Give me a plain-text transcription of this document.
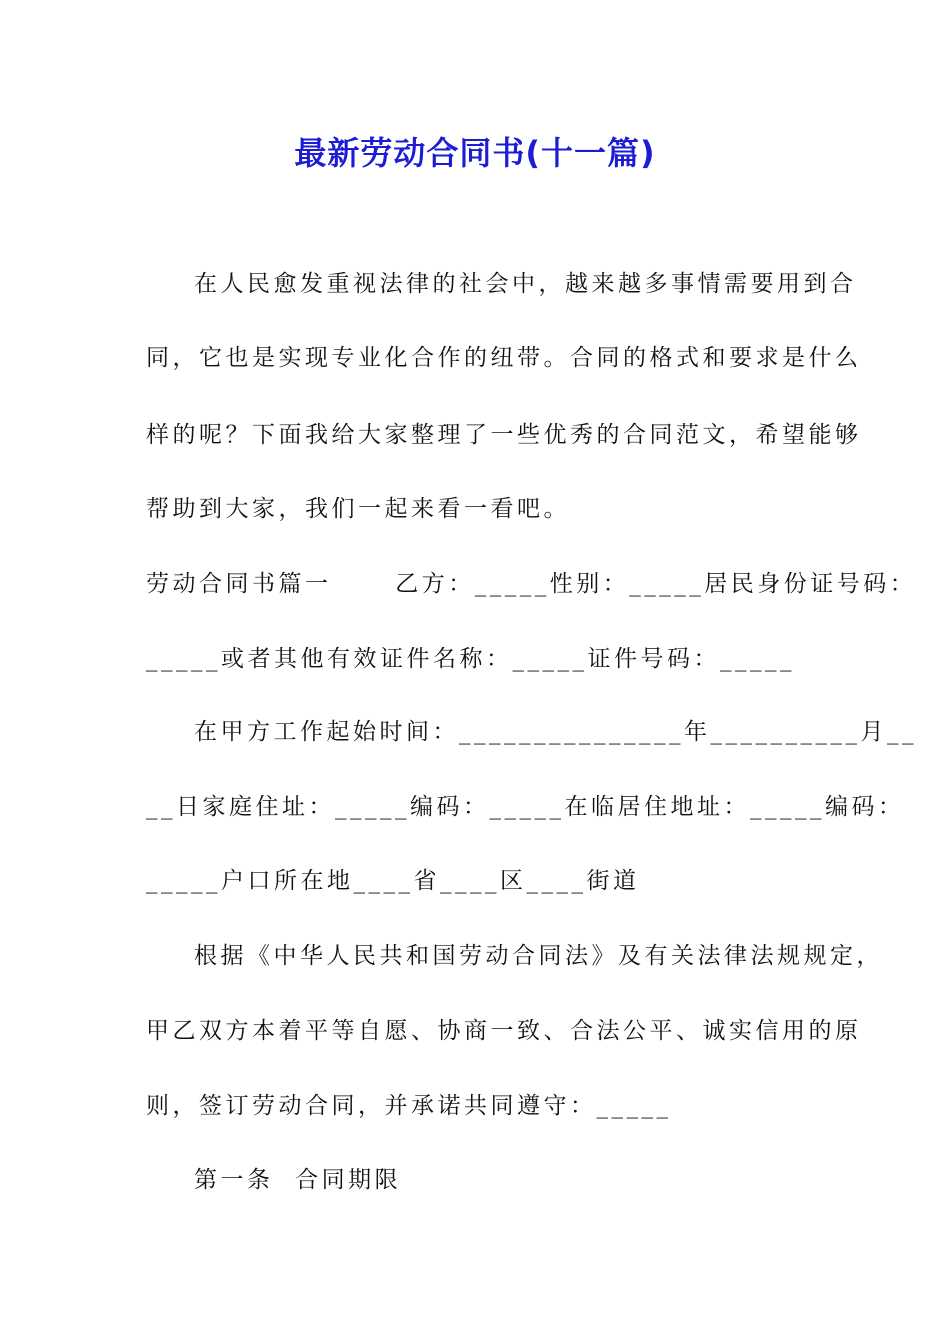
最新劳动合同书(十一篇)
在人民愈发重视法律的社会中，越来越多事情需要用到合
同，它也是实现专业化合作的纽带。合同的格式和要求是什么
样的呢？下面我给大家整理了一些优秀的合同范文，希望能够
帮助到大家，我们一起来看一看吧。
劳动合同书篇一　　 乙方：_____性别：_____居民身份证号码：
_____或者其他有效证件名称：_____证件号码：_____
在甲方工作起始时间：_______________年__________月__
__日家庭住址：_____编码：_____在临居住地址：_____编码：
_____户口所在地____省____区____街道
根据《中华人民共和国劳动合同法》及有关法律法规规定，
甲乙双方本着平等自愿、协商一致、合法公平、诚实信用的原
则，签订劳动合同，并承诺共同遵守：_____
第一条  合同期限
